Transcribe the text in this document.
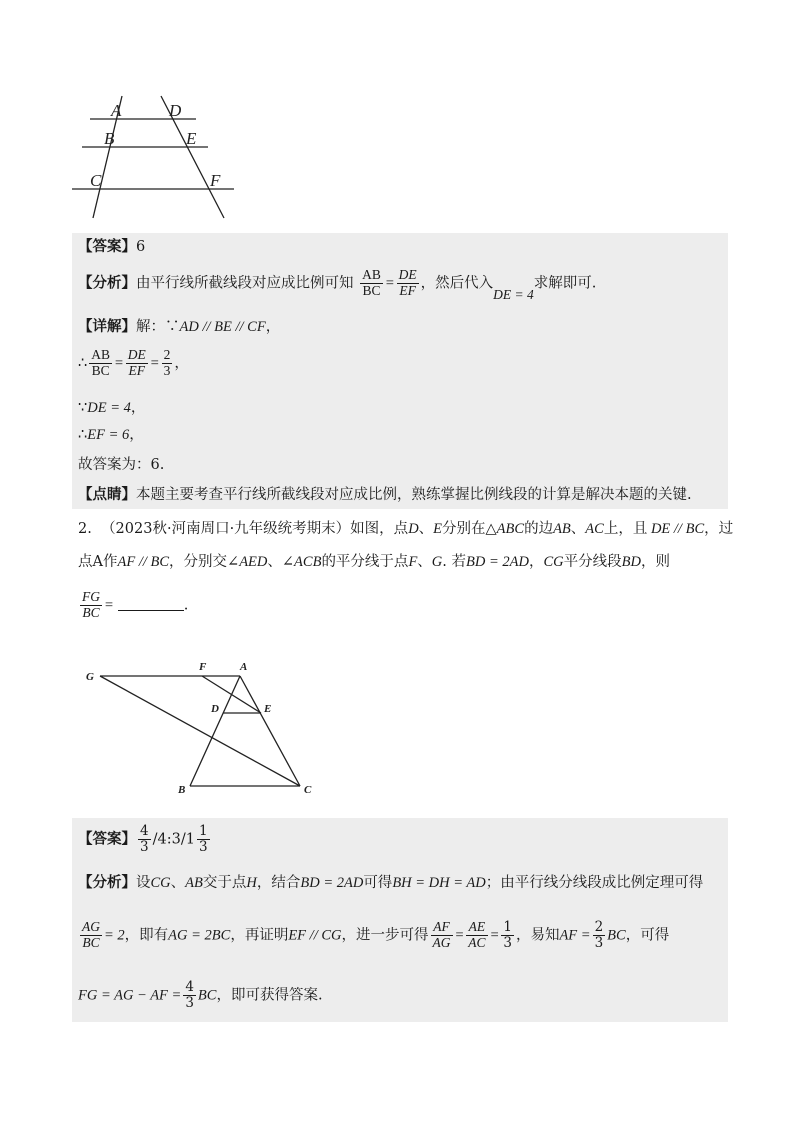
A	D
B	E
C	F
【答案】6
【分析】由平行线所截线段对应成比例可知 $\frac{AB}{BC} = \frac{DE}{EF}$ ，然后代入DE = 4求解即可.
【详解】解：∵AD // BE // CF，
∴ $\frac{AB}{BC} = \frac{DE}{EF} = \frac{2}{3}$ ，
∵DE = 4，
∴EF = 6，
故答案为：6.
【点睛】本题主要考查平行线所截线段对应成比例，熟练掌握比例线段的计算是解决本题的关键.
2. （2023秋·河南周口·九年级统考期末）如图，点D、E分别在△ABC的边AB、AC上，且 DE // BC，过
点A作AF // BC，分别交∠AED、∠ACB的平分线于点F、G. 若BD = 2AD，CG平分线段BD，则
$\frac{FG}{BC}$ =	.
G
F	A
D	E
B	C
【答案】 $\frac{4}{3}$ /4:3/1 $\frac{1}{3}$
【分析】设CG、AB交于点H，结合BD = 2AD可得BH = DH = AD；由平行线分线段成比例定理可得
$\frac{AG}{BC} = 2$，即有AG = 2BC，再证明EF // CG，进一步可得 $\frac{AF}{AG} = \frac{AE}{AC} = \frac{1}{3}$ ，易知AF = $\frac{2}{3}$ BC，可得
FG = AG − AF = $\frac{4}{3}$ BC，即可获得答案.
